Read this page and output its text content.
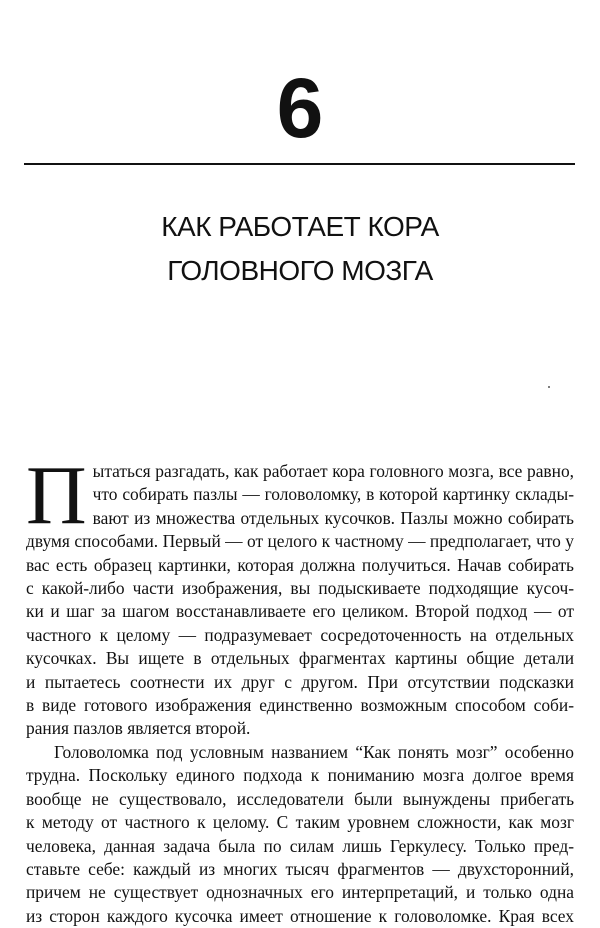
6
КАК РАБОТАЕТ КОРА
ГОЛОВНОГО МОЗГА
П ытаться разгадать, как работает кора головного мозга, все равно,
что собирать пазлы — головоломку, в которой картинку склады-
вают из множества отдельных кусочков. Пазлы можно собирать
двумя способами. Первый — от целого к частному — предполагает, что у
вас есть образец картинки, которая должна получиться. Начав собирать
с какой-либо части изображения, вы подыскиваете подходящие кусоч-
ки и шаг за шагом восстанавливаете его целиком. Второй подход — от
частного к целому — подразумевает сосредоточенность на отдельных
кусочках. Вы ищете в отдельных фрагментах картины общие детали
и пытаетесь соотнести их друг с другом. При отсутствии подсказки
в виде готового изображения единственно возможным способом соби-
рания пазлов является второй.
Головоломка под условным названием “Как понять мозг” особенно
трудна. Поскольку единого подхода к пониманию мозга долгое время
вообще не существовало, исследователи были вынуждены прибегать
к методу от частного к целому. С таким уровнем сложности, как мозг
человека, данная задача была по силам лишь Геркулесу. Только пред-
ставьте себе: каждый из многих тысяч фрагментов — двухсторонний,
причем не существует однозначных его интерпретаций, и только одна
из сторон каждого кусочка имеет отношение к головоломке. Края всех
